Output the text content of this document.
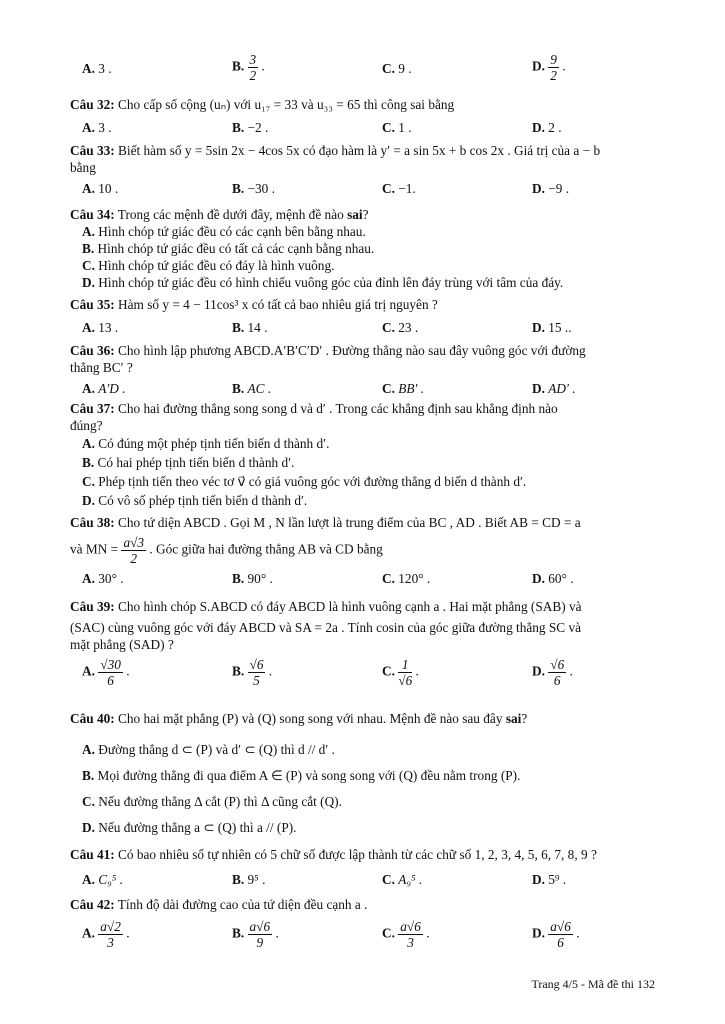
A. 3 .	B. $\frac{3}{2}$ .	C. 9 .	D. $\frac{9}{2}$ .
Câu 32: Cho cấp số cộng (uₙ) với u₁₇ = 33 và u₃₃ = 65 thì công sai bằng
A. 3 .	B. −2 .	C. 1 .	D. 2 .
Câu 33: Biết hàm số y = 5sin 2x − 4cos 5x có đạo hàm là y′ = a sin 5x + b cos 2x . Giá trị của a − b
bằng
A. 10 .	B. −30 .	C. −1.	D. −9 .
Câu 34: Trong các mệnh đề dưới đây, mệnh đề nào sai?
A. Hình chóp tứ giác đều có các cạnh bên bằng nhau.
B. Hình chóp tứ giác đều có tất cả các cạnh bằng nhau.
C. Hình chóp tứ giác đều có đáy là hình vuông.
D. Hình chóp tứ giác đều có hình chiếu vuông góc của đỉnh lên đáy trùng với tâm của đáy.
Câu 35: Hàm số y = 4 − 11cos³ x có tất cả bao nhiêu giá trị nguyên ?
A. 13 .	B. 14 .	C. 23 .	D. 15 ..
Câu 36: Cho hình lập phương ABCD.A′B′C′D′ . Đường thẳng nào sau đây vuông góc với đường
thẳng BC′ ?
A. A′D .	B. AC .	C. BB′ .	D. AD′ .
Câu 37: Cho hai đường thẳng song song d và d′ . Trong các khẳng định sau khẳng định nào
đúng?
A. Có đúng một phép tịnh tiến biến d thành d′.
B. Có hai phép tịnh tiến biến d thành d′.
C. Phép tịnh tiến theo véc tơ v⃗ có giá vuông góc với đường thẳng d biến d thành d′.
D. Có vô số phép tịnh tiến biến d thành d′.
Câu 38: Cho tứ diện ABCD . Gọi M , N lần lượt là trung điểm của BC , AD . Biết AB = CD = a
và MN = $\frac{a√3}{2}$ . Góc giữa hai đường thẳng AB và CD bằng
A. 30° .	B. 90° .	C. 120° .	D. 60° .
Câu 39: Cho hình chóp S.ABCD có đáy ABCD là hình vuông cạnh a . Hai mặt phẳng (SAB) và
(SAC) cùng vuông góc với đáy ABCD và SA = 2a . Tính cosin của góc giữa đường thẳng SC và
mặt phẳng (SAD) ?
A. $\frac{√30}{6}$ .	B. $\frac{√6}{5}$ .	C. $\frac{1}{√6}$ .	D. $\frac{√6}{6}$ .
Câu 40: Cho hai mặt phẳng (P) và (Q) song song với nhau. Mệnh đề nào sau đây sai?
A. Đường thẳng d ⊂ (P) và d′ ⊂ (Q) thì d // d′ .
B. Mọi đường thẳng đi qua điểm A ∈ (P) và song song với (Q) đều nằm trong (P).
C. Nếu đường thẳng Δ cắt (P) thì Δ cũng cắt (Q).
D. Nếu đường thẳng a ⊂ (Q) thì a // (P).
Câu 41: Có bao nhiêu số tự nhiên có 5 chữ số được lập thành từ các chữ số 1, 2, 3, 4, 5, 6, 7, 8, 9 ?
A. C₉⁵ .	B. 9⁵ .	C. A₉⁵ .	D. 5⁹ .
Câu 42: Tính độ dài đường cao của tứ diện đều cạnh a .
A. $\frac{a√2}{3}$ .	B. $\frac{a√6}{9}$ .	C. $\frac{a√6}{3}$ .	D. $\frac{a√6}{6}$ .
Trang 4/5 - Mã đề thi 132
